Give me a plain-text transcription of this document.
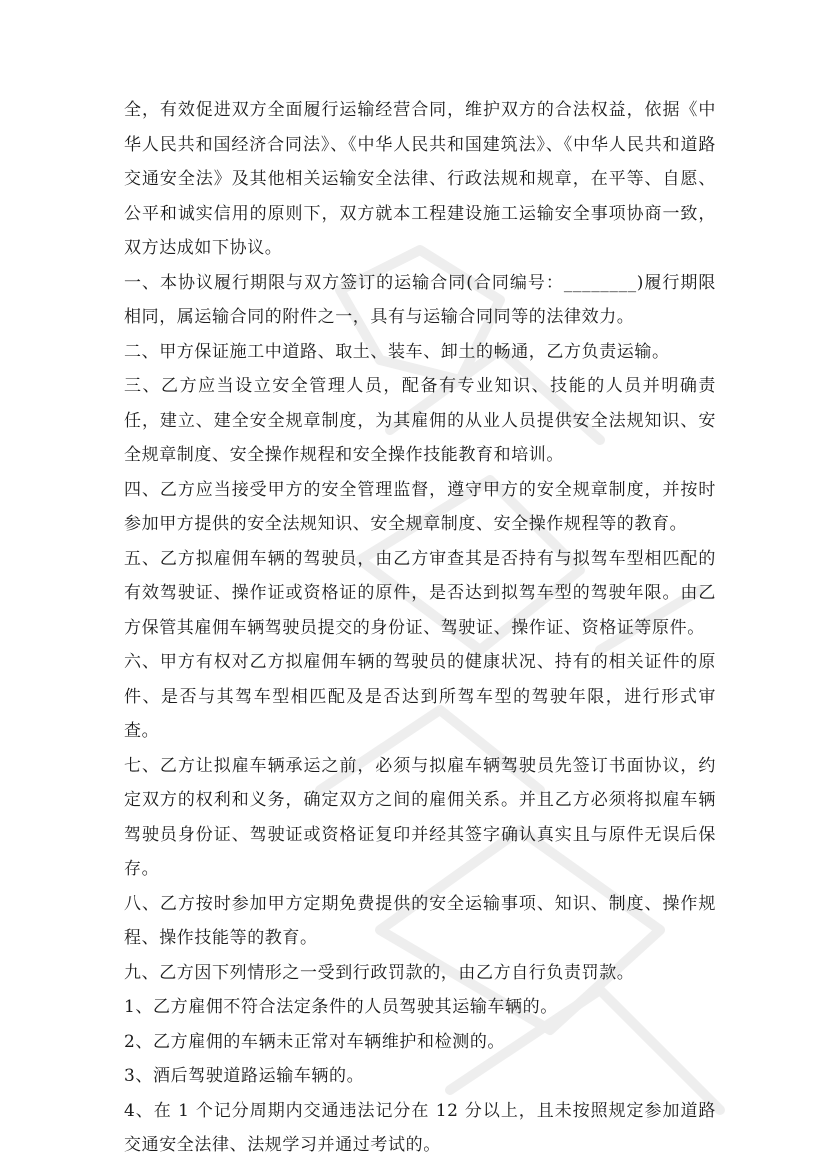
全，有效促进双方全面履行运输经营合同，维护双方的合法权益，依据《中华人民共和国经济合同法》、《中华人民共和国建筑法》、《中华人民共和道路交通安全法》及其他相关运输安全法律、行政法规和规章，在平等、自愿、公平和诚实信用的原则下，双方就本工程建设施工运输安全事项协商一致，双方达成如下协议。

一、本协议履行期限与双方签订的运输合同(合同编号：________)履行期限相同，属运输合同的附件之一，具有与运输合同同等的法律效力。

二、甲方保证施工中道路、取土、装车、卸土的畅通，乙方负责运输。

三、乙方应当设立安全管理人员，配备有专业知识、技能的人员并明确责任，建立、建全安全规章制度，为其雇佣的从业人员提供安全法规知识、安全规章制度、安全操作规程和安全操作技能教育和培训。

四、乙方应当接受甲方的安全管理监督，遵守甲方的安全规章制度，并按时参加甲方提供的安全法规知识、安全规章制度、安全操作规程等的教育。

五、乙方拟雇佣车辆的驾驶员，由乙方审查其是否持有与拟驾车型相匹配的有效驾驶证、操作证或资格证的原件，是否达到拟驾车型的驾驶年限。由乙方保管其雇佣车辆驾驶员提交的身份证、驾驶证、操作证、资格证等原件。

六、甲方有权对乙方拟雇佣车辆的驾驶员的健康状况、持有的相关证件的原件、是否与其驾车型相匹配及是否达到所驾车型的驾驶年限，进行形式审查。

七、乙方让拟雇车辆承运之前，必须与拟雇车辆驾驶员先签订书面协议，约定双方的权利和义务，确定双方之间的雇佣关系。并且乙方必须将拟雇车辆驾驶员身份证、驾驶证或资格证复印并经其签字确认真实且与原件无误后保存。

八、乙方按时参加甲方定期免费提供的安全运输事项、知识、制度、操作规程、操作技能等的教育。

九、乙方因下列情形之一受到行政罚款的，由乙方自行负责罚款。

1、乙方雇佣不符合法定条件的人员驾驶其运输车辆的。

2、乙方雇佣的车辆未正常对车辆维护和检测的。

3、酒后驾驶道路运输车辆的。

4、在 1 个记分周期内交通违法记分在 12 分以上，且未按照规定参加道路交通安全法律、法规学习并通过考试的。
